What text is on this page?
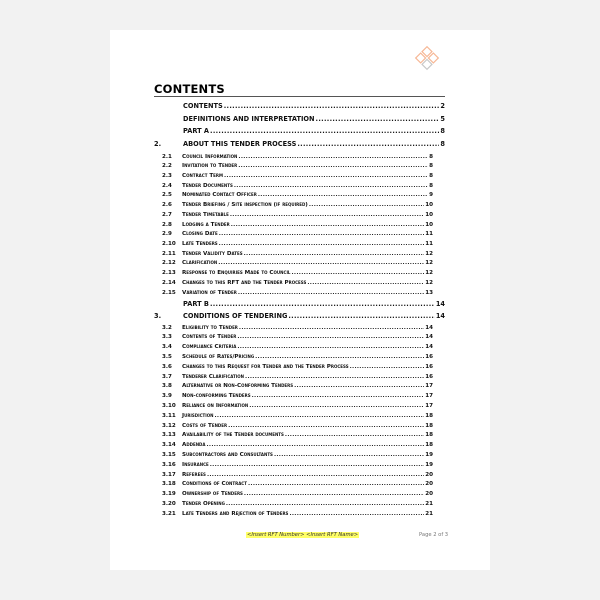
CONTENTS
CONTENTS .....	2
DEFINITIONS AND INTERPRETATION .....	5
PART A .....	8
2.	ABOUT THIS TENDER PROCESS .....	8
2.1	Council Information .....	8
2.2	Invitation to Tender .....	8
2.3	Contract Term .....	8
2.4	Tender Documents .....	8
2.5	Nominated Contact Officer .....	9
2.6	Tender Briefing / Site inspection (if required) .....	10
2.7	Tender Timetable .....	10
2.8	Lodging a Tender .....	10
2.9	Closing Date .....	11
2.10	Late Tenders .....	11
2.11	Tender Validity Dates .....	12
2.12	Clarification .....	12
2.13	Response to Enquiries Made to Council .....	12
2.14	Changes to this RFT and the Tender Process .....	12
2.15	Variation of Tender .....	13
PART B .....	14
3.	CONDITIONS OF TENDERING .....	14
3.2	Eligibility to Tender .....	14
3.3	Contents of Tender .....	14
3.4	Compliance Criteria .....	14
3.5	Schedule of Rates/Pricing .....	16
3.6	Changes to this Request for Tender and the Tender Process .....	16
3.7	Tenderer Clarification .....	16
3.8	Alternative or Non-Conforming Tenders .....	17
3.9	Non-conforming Tenders .....	17
3.10	Reliance on Information .....	17
3.11	Jurisdiction .....	18
3.12	Costs of Tender .....	18
3.13	Availability of the Tender documents .....	18
3.14	Addenda .....	18
3.15	Subcontractors and Consultants .....	19
3.16	Insurance .....	19
3.17	Referees .....	20
3.18	Conditions of Contract .....	20
3.19	Ownership of Tenders .....	20
3.20	Tender Opening .....	21
3.21	Late Tenders and Rejection of Tenders .....	21
<Insert RFT Number> <Insert RFT Name>	Page 2 of 3
